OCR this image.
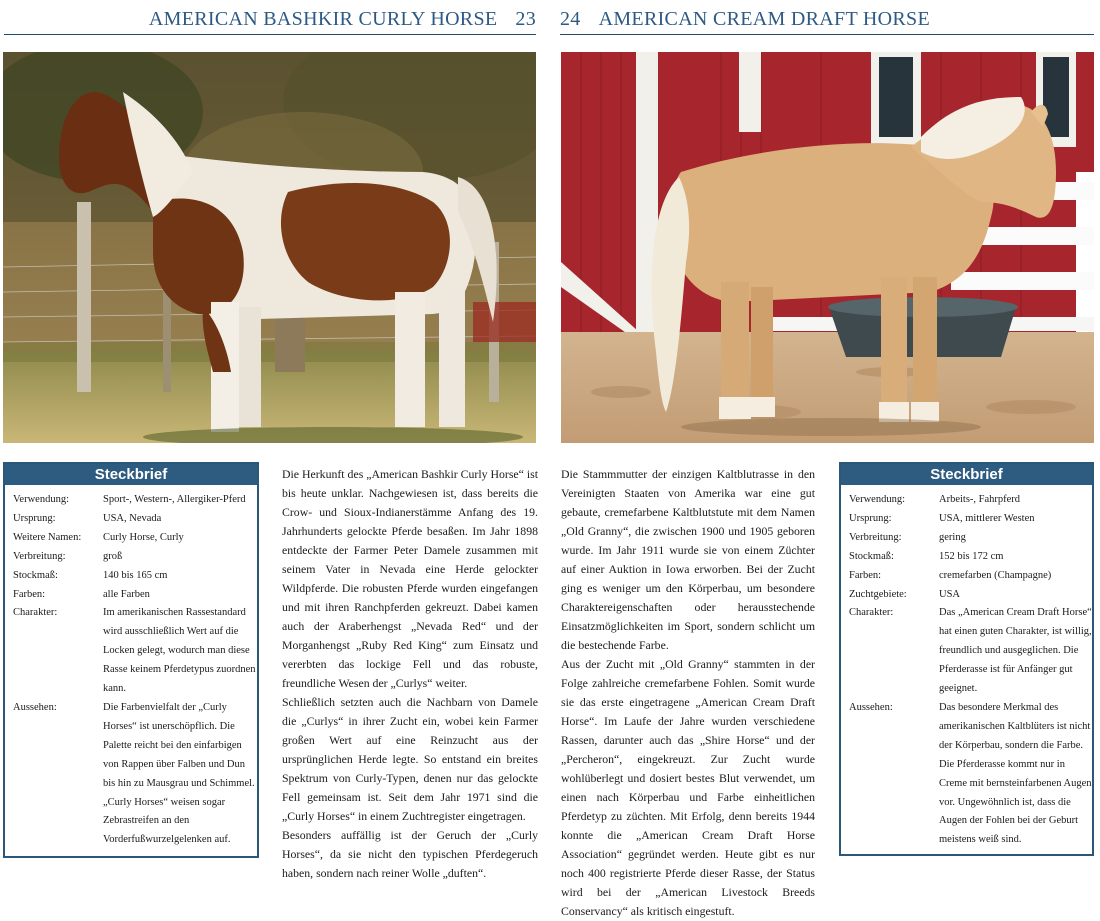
AMERICAN BASHKIR CURLY HORSE 23
Steckbrief
Verwendung:	Sport-, Western-, Allergiker-Pferd
Ursprung:	USA, Nevada
Weitere Namen:	Curly Horse, Curly
Verbreitung:	groß
Stockmaß:	140 bis 165 cm
Farben:	alle Farben
Charakter:	Im amerikanischen Rassestandard wird ausschließlich Wert auf die Locken gelegt, wodurch man diese Rasse keinem Pferdetypus zuordnen kann.
Aussehen:	Die Farbenvielfalt der „Curly Horses“ ist unerschöpflich. Die Palette reicht bei den einfarbigen von Rappen über Falben und Dun bis hin zu Mausgrau und Schimmel. „Curly Horses“ weisen sogar Zebrastreifen an den Vorderfußwurzelgelenken auf.

Die Herkunft des „American Bashkir Curly Horse“ ist bis heute unklar. Nachgewiesen ist, dass bereits die Crow- und Sioux-Indianerstämme Anfang des 19. Jahrhunderts gelockte Pferde besaßen. Im Jahr 1898 entdeckte der Farmer Peter Damele zusammen mit seinem Vater in Nevada eine Herde gelockter Wildpferde. Die robusten Pferde wurden eingefangen und mit ihren Ranchpferden gekreuzt. Dabei kamen auch der Araberhengst „Nevada Red“ und der Morganhengst „Ruby Red King“ zum Einsatz und vererbten das lockige Fell und das robuste, freundliche Wesen der „Curlys“ weiter.

Schließlich setzten auch die Nachbarn von Damele die „Curlys“ in ihrer Zucht ein, wobei kein Farmer großen Wert auf eine Reinzucht aus der ursprünglichen Herde legte. So entstand ein breites Spektrum von Curly-Typen, denen nur das gelockte Fell gemeinsam ist. Seit dem Jahr 1971 sind die „Curly Horses“ in einem Zuchtregister eingetragen.

Besonders auffällig ist der Geruch der „Curly Horses“, da sie nicht den typischen Pferdegeruch haben, sondern nach reiner Wolle „duften“.

24 AMERICAN CREAM DRAFT HORSE

Die Stammmutter der einzigen Kaltblutrasse in den Vereinigten Staaten von Amerika war eine gut gebaute, cremefarbene Kaltblutstute mit dem Namen „Old Granny“, die zwischen 1900 und 1905 geboren wurde. Im Jahr 1911 wurde sie von einem Züchter auf einer Auktion in Iowa erworben. Bei der Zucht ging es weniger um den Körperbau, um besondere Charaktereigenschaften oder herausstechende Einsatzmöglichkeiten im Sport, sondern schlicht um die bestechende Farbe.

Aus der Zucht mit „Old Granny“ stammten in der Folge zahlreiche cremefarbene Fohlen. Somit wurde sie das erste eingetragene „American Cream Draft Horse“. Im Laufe der Jahre wurden verschiedene Rassen, darunter auch das „Shire Horse“ und der „Percheron“, eingekreuzt. Zur Zucht wurde wohlüberlegt und dosiert bestes Blut verwendet, um einen nach Körperbau und Farbe einheitlichen Pferdetyp zu züchten. Mit Erfolg, denn bereits 1944 konnte die „American Cream Draft Horse Association“ gegründet werden. Heute gibt es nur noch 400 registrierte Pferde dieser Rasse, der Status wird bei der „American Livestock Breeds Conservancy“ als kritisch eingestuft.

Steckbrief
Verwendung:	Arbeits-, Fahrpferd
Ursprung:	USA, mittlerer Westen
Verbreitung:	gering
Stockmaß:	152 bis 172 cm
Farben:	cremefarben (Champagne)
Zuchtgebiete:	USA
Charakter:	Das „American Cream Draft Horse“ hat einen guten Charakter, ist willig, freundlich und ausgeglichen. Die Pferderasse ist für Anfänger gut geeignet.
Aussehen:	Das besondere Merkmal des amerikanischen Kaltblüters ist nicht der Körperbau, sondern die Farbe. Die Pferderasse kommt nur in Creme mit bernsteinfarbenen Augen vor. Ungewöhnlich ist, dass die Augen der Fohlen bei der Geburt meistens weiß sind.
